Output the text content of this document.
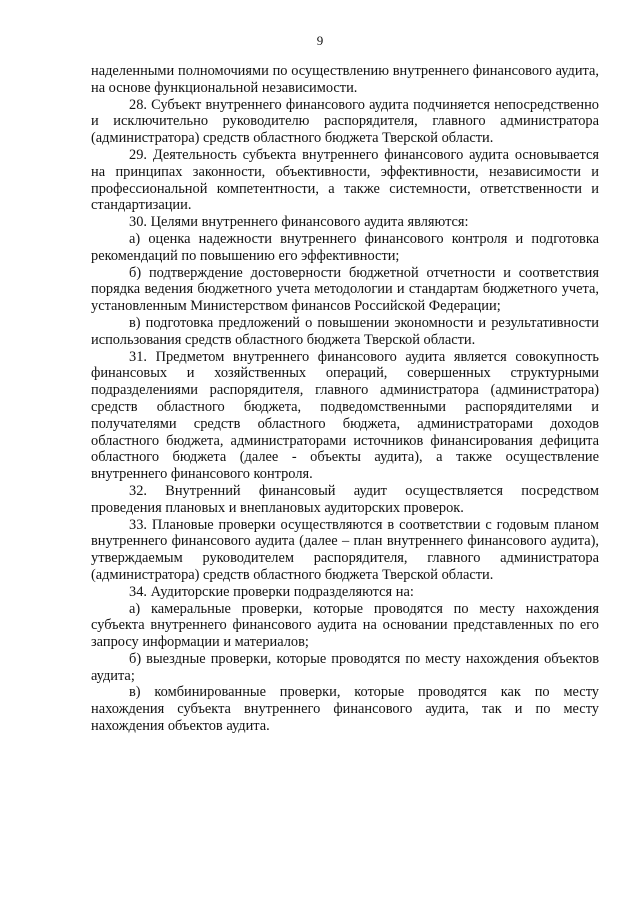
9

наделенными полномочиями по осуществлению внутреннего финансового аудита, на основе функциональной независимости.

28. Субъект внутреннего финансового аудита подчиняется непосредственно и исключительно руководителю распорядителя, главного администратора (администратора) средств областного бюджета Тверской области.

29. Деятельность субъекта внутреннего финансового аудита основывается на принципах законности, объективности, эффективности, независимости и профессиональной компетентности, а также системности, ответственности и стандартизации.

30. Целями внутреннего финансового аудита являются:

а) оценка надежности внутреннего финансового контроля и подготовка рекомендаций по повышению его эффективности;

б) подтверждение достоверности бюджетной отчетности и соответствия порядка ведения бюджетного учета методологии и стандартам бюджетного учета, установленным Министерством финансов Российской Федерации;

в) подготовка предложений о повышении экономности и результативности использования средств областного бюджета Тверской области.

31. Предметом внутреннего финансового аудита является совокупность финансовых и хозяйственных операций, совершенных структурными подразделениями распорядителя, главного администратора (администратора) средств областного бюджета, подведомственными распорядителями и получателями средств областного бюджета, администраторами доходов областного бюджета, администраторами источников финансирования дефицита областного бюджета (далее - объекты аудита), а также осуществление внутреннего финансового контроля.

32. Внутренний финансовый аудит осуществляется посредством проведения плановых и внеплановых аудиторских проверок.

33. Плановые проверки осуществляются в соответствии с годовым планом внутреннего финансового аудита (далее – план внутреннего финансового аудита), утверждаемым руководителем распорядителя, главного администратора (администратора) средств областного бюджета Тверской области.

34. Аудиторские проверки подразделяются на:

а) камеральные проверки, которые проводятся по месту нахождения субъекта внутреннего финансового аудита на основании представленных по его запросу информации и материалов;

б) выездные проверки, которые проводятся по месту нахождения объектов аудита;

в) комбинированные проверки, которые проводятся как по месту нахождения субъекта внутреннего финансового аудита, так и по месту нахождения объектов аудита.
